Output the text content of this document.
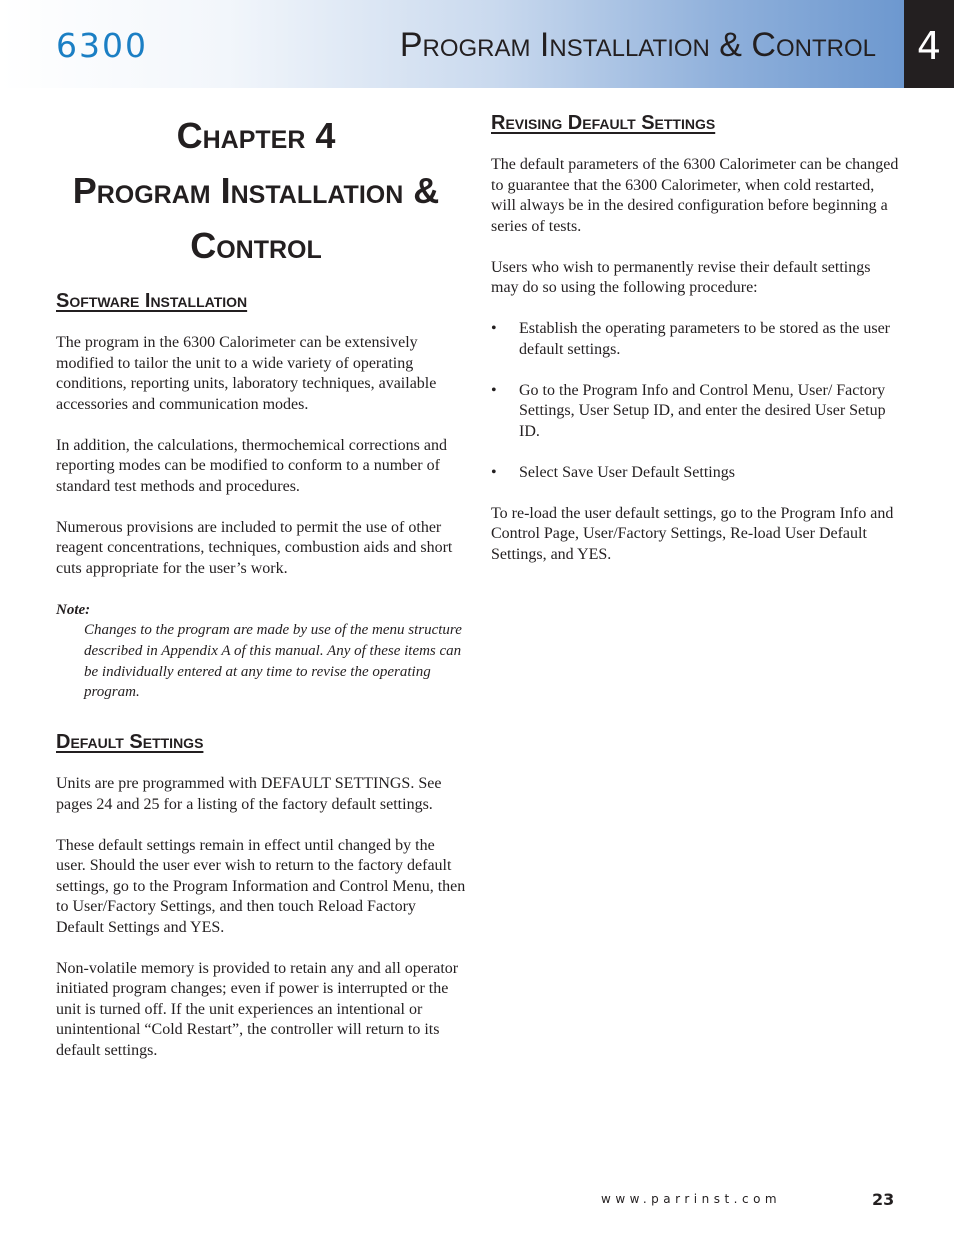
6300	Program Installation & Control	4
Chapter 4
Program Installation &
Control
Software Installation

The program in the 6300 Calorimeter can be extensively modified to tailor the unit to a wide variety of operating conditions, reporting units, laboratory techniques, available accessories and communication modes.

In addition, the calculations, thermochemical corrections and reporting modes can be modified to conform to a number of standard test methods and procedures.

Numerous provisions are included to permit the use of other reagent concentrations, techniques, combustion aids and short cuts appropriate for the user’s work.

Note:
Changes to the program are made by use of the menu structure described in Appendix A of this manual. Any of these items can be individually entered at any time to revise the operating program.
Default Settings

Units are pre programmed with DEFAULT SETTINGS. See pages 24 and 25 for a listing of the factory default settings.

These default settings remain in effect until changed by the user. Should the user ever wish to return to the factory default settings, go to the Program Information and Control Menu, then to User/Factory Settings, and then touch Reload Factory Default Settings and YES.

Non-volatile memory is provided to retain any and all operator initiated program changes; even if power is interrupted or the unit is turned off. If the unit experiences an intentional or unintentional “Cold Restart”, the controller will return to its default settings.

Revising Default Settings

The default parameters of the 6300 Calorimeter can be changed to guarantee that the 6300 Calorimeter, when cold restarted, will always be in the desired configuration before beginning a series of tests.

Users who wish to permanently revise their default settings may do so using the following procedure:

• Establish the operating parameters to be stored as the user default settings.
• Go to the Program Info and Control Menu, User/ Factory Settings, User Setup ID, and enter the desired User Setup ID.
• Select Save User Default Settings

To re-load the user default settings, go to the Program Info and Control Page, User/Factory Settings, Re-load User Default Settings, and YES.

www.parrinst.com	23
